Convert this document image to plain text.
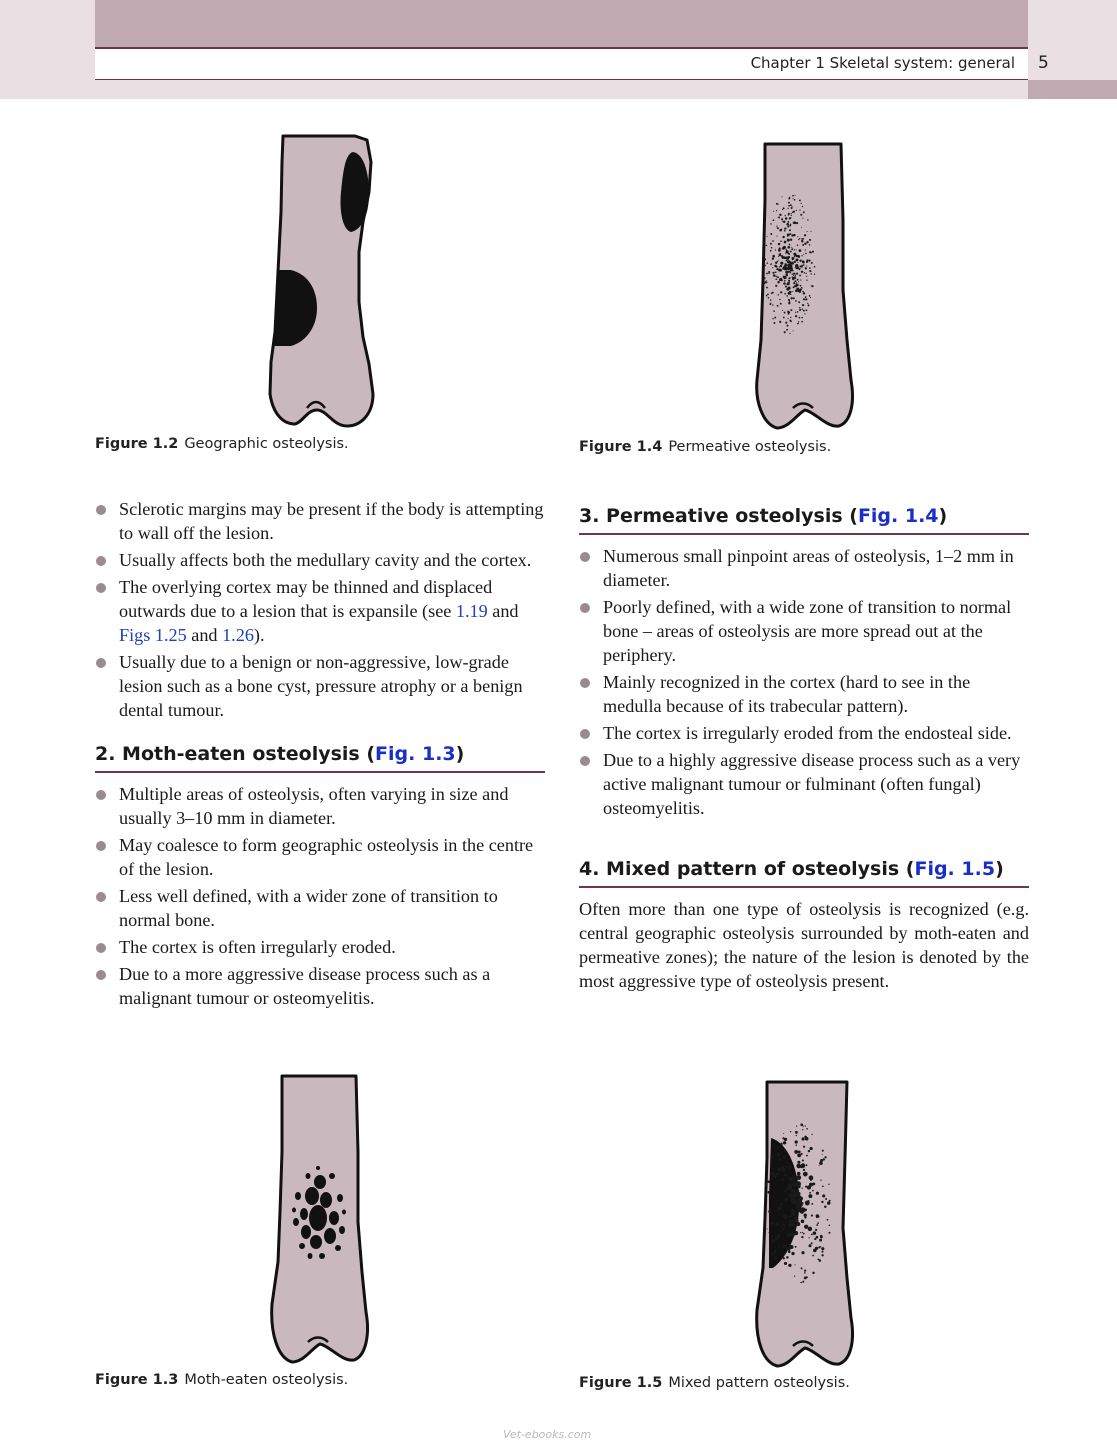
Chapter 1 Skeletal system: general 5
Figure 1.2 Geographic osteolysis.	Figure 1.4 Permeative osteolysis.
Sclerotic margins may be present if the body is attempting to wall off the lesion.
Usually affects both the medullary cavity and the cortex.
The overlying cortex may be thinned and displaced outwards due to a lesion that is expansile (see 1.19 and Figs 1.25 and 1.26).
Usually due to a benign or non-aggressive, low-grade lesion such as a bone cyst, pressure atrophy or a benign dental tumour.
2. Moth-eaten osteolysis (Fig. 1.3)
Multiple areas of osteolysis, often varying in size and usually 3–10 mm in diameter.
May coalesce to form geographic osteolysis in the centre of the lesion.
Less well defined, with a wider zone of transition to normal bone.
The cortex is often irregularly eroded.
Due to a more aggressive disease process such as a malignant tumour or osteomyelitis.
3. Permeative osteolysis (Fig. 1.4)
Numerous small pinpoint areas of osteolysis, 1–2 mm in diameter.
Poorly defined, with a wide zone of transition to normal bone – areas of osteolysis are more spread out at the periphery.
Mainly recognized in the cortex (hard to see in the medulla because of its trabecular pattern).
The cortex is irregularly eroded from the endosteal side.
Due to a highly aggressive disease process such as a very active malignant tumour or fulminant (often fungal) osteomyelitis.
4. Mixed pattern of osteolysis (Fig. 1.5)
Often more than one type of osteolysis is recognized (e.g. central geographic osteolysis surrounded by moth-eaten and permeative zones); the nature of the lesion is denoted by the most aggressive type of osteolysis present.
Figure 1.3 Moth-eaten osteolysis.	Figure 1.5 Mixed pattern osteolysis.
Vet-ebooks.com
